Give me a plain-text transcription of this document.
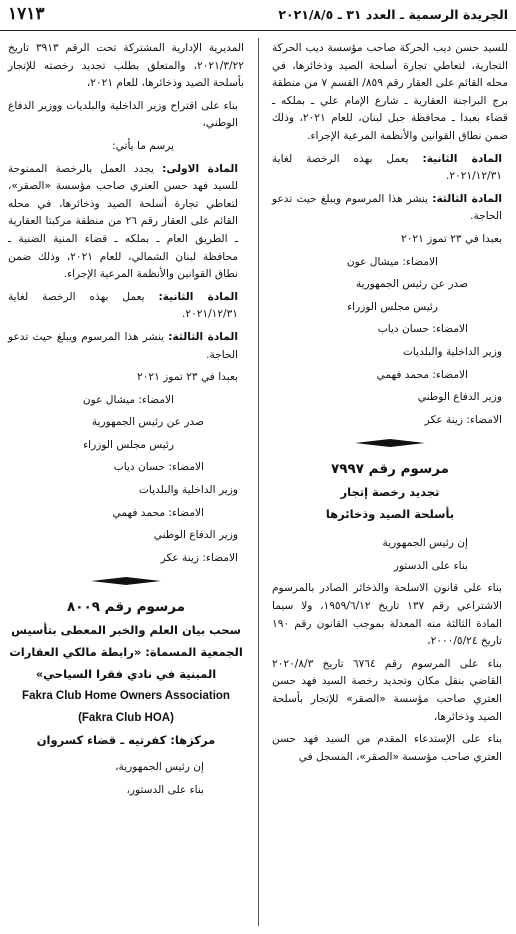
الجريدة الرسمية ـ العدد ٣١ ـ ٢٠٢١/٨/٥
١٧١٣

للسيد حسن ديب الحركة صاحب مؤسسة ديب الحركة التجارية، لتعاطي تجارة أسلحة الصيد وذخائرها، في محله القائم على العقار رقم ٨٥٩/ القسم ٧ من منطقة برج البراجنة العقارية ـ شارع الإمام علي ـ بملكه ـ قضاء بعبدا ـ محافظة جبل لبنان، للعام ٢٠٢١، وذلك ضمن نطاق القوانين والأنظمة المرعية الإجراء.

المادة الثانية: يعمل بهذه الرخصة لغاية ٢٠٢١/١٢/٣١.

المادة الثالثة: ينشر هذا المرسوم ويبلغ حيث تدعو الحاجة.

بعبدا في ٢٣ تموز ٢٠٢١

الامضاء: ميشال عون

صدر عن رئيس الجمهورية

رئيس مجلس الوزراء

الامضاء: حسان دياب

وزير الداخلية والبلديات

الامضاء: محمد فهمي

وزير الدفاع الوطني

الامضاء: زينة عكر

مرسوم رقم ٧٩٩٧

تجديد رخصة إتجار

بأسلحة الصيد وذخائرها

إن رئيس الجمهورية

بناء على الدستور

بناء على قانون الاسلحة والذخائر الصادر بالمرسوم الاشتراعي رقم ١٣٧ تاريخ ١٩٥٩/٦/١٢، ولا سيما المادة الثالثة منه المعدلة بموجب القانون رقم ١٩٠ تاريخ ٢٠٠٠/٥/٢٤،

بناء على المرسوم رقم ٦٧٦٤ تاريخ ٢٠٢٠/٨/٣ القاضي بنقل مكان وتجديد رخصة السيد فهد حسن العتري صاحب مؤسسة «الصقر» للإتجار بأسلحة الصيد وذخائرها،

بناء على الإستدعاء المقدم من السيد فهد حسن العتري صاحب مؤسسة «الصقر»، المسجل في

المديرية الإدارية المشتركة تحت الرقم ٣٩١٣ تاريخ ٢٠٢١/٣/٢٢، والمتعلق بطلب تجديد رخصته للإتجار بأسلحة الصيد وذخائرها، للعام ٢٠٢١،

بناء على اقتراح وزير الداخلية والبلديات ووزير الدفاع الوطني،

يرسم ما يأتي:

المادة الاولى: يجدد العمل بالرخصة الممنوحة للسيد فهد حسن العتري صاحب مؤسسة «الصقر»، لتعاطي تجارة أسلحة الصيد وذخائرها، في محله القائم على العقار رقم ٢٦ من منطقة مركبتا العقارية ـ الطريق العام ـ بملكه ـ قضاء المنية الضنية ـ محافظة لبنان الشمالي، للعام ٢٠٢١، وذلك ضمن نطاق القوانين والأنظمة المرعية الإجراء.

المادة الثانية: يعمل بهذه الرخصة لغاية ٢٠٢١/١٢/٣١.

المادة الثالثة: ينشر هذا المرسوم ويبلغ حيث تدعو الحاجة.

بعبدا في ٢٣ تموز ٢٠٢١

الامضاء: ميشال عون

صدر عن رئيس الجمهورية

رئيس مجلس الوزراء

الامضاء: حسان دياب

وزير الداخلية والبلديات

الامضاء: محمد فهمي

وزير الدفاع الوطني

الامضاء: زينة عكر

مرسوم رقم ٨٠٠٩

سحب بيان العلم والخبر المعطى بتأسيس

الجمعية المسماة: «رابطة مالكي العقارات

المبنية في نادي فقرا السياحي»

Fakra Club Home Owners Association

(Fakra Club HOA)

مركزها: كفرتيه ـ قضاء كسروان

إن رئيس الجمهورية،

بناء على الدستور،
